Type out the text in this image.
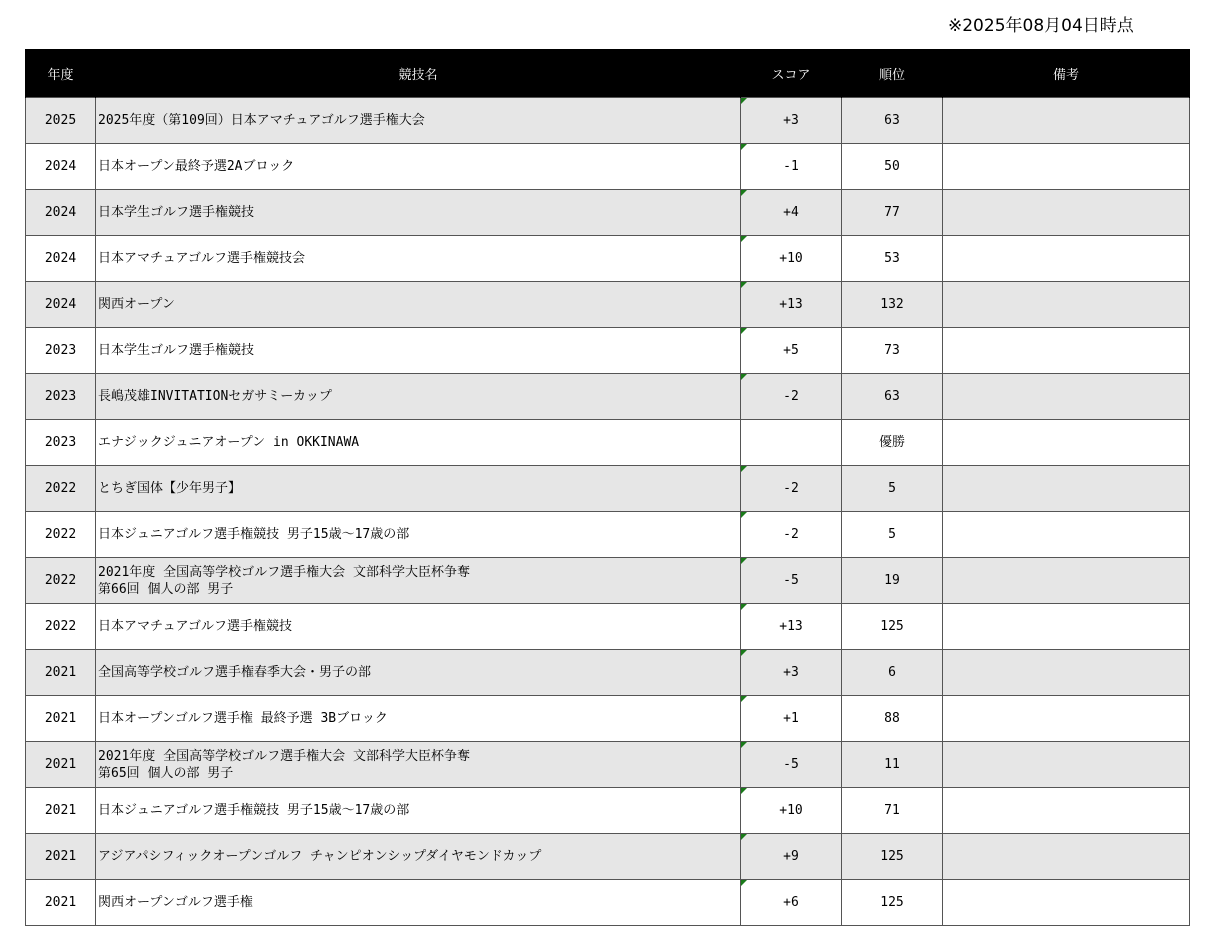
※2025年08月04日時点
年度	競技名	スコア	順位	備考
2025	2025年度（第109回）日本アマチュアゴルフ選手権大会	+3	63	
2024	日本オープン最終予選2Aブロック	-1	50	
2024	日本学生ゴルフ選手権競技	+4	77	
2024	日本アマチュアゴルフ選手権競技会	+10	53	
2024	関西オープン	+13	132	
2023	日本学生ゴルフ選手権競技	+5	73	
2023	長嶋茂雄INVITATIONセガサミーカップ	-2	63	
2023	エナジックジュニアオープン in OKKINAWA		優勝	
2022	とちぎ国体【少年男子】	-2	5	
2022	日本ジュニアゴルフ選手権競技 男子15歳～17歳の部	-2	5	
2022	2021年度 全国高等学校ゴルフ選手権大会 文部科学大臣杯争奪
第66回 個人の部 男子	-5	19	
2022	日本アマチュアゴルフ選手権競技	+13	125	
2021	全国高等学校ゴルフ選手権春季大会・男子の部	+3	6	
2021	日本オープンゴルフ選手権 最終予選 3Bブロック	+1	88	
2021	2021年度 全国高等学校ゴルフ選手権大会 文部科学大臣杯争奪
第65回 個人の部 男子	-5	11	
2021	日本ジュニアゴルフ選手権競技 男子15歳～17歳の部	+10	71	
2021	アジアパシフィックオープンゴルフ チャンピオンシップダイヤモンドカップ	+9	125	
2021	関西オープンゴルフ選手権	+6	125	
